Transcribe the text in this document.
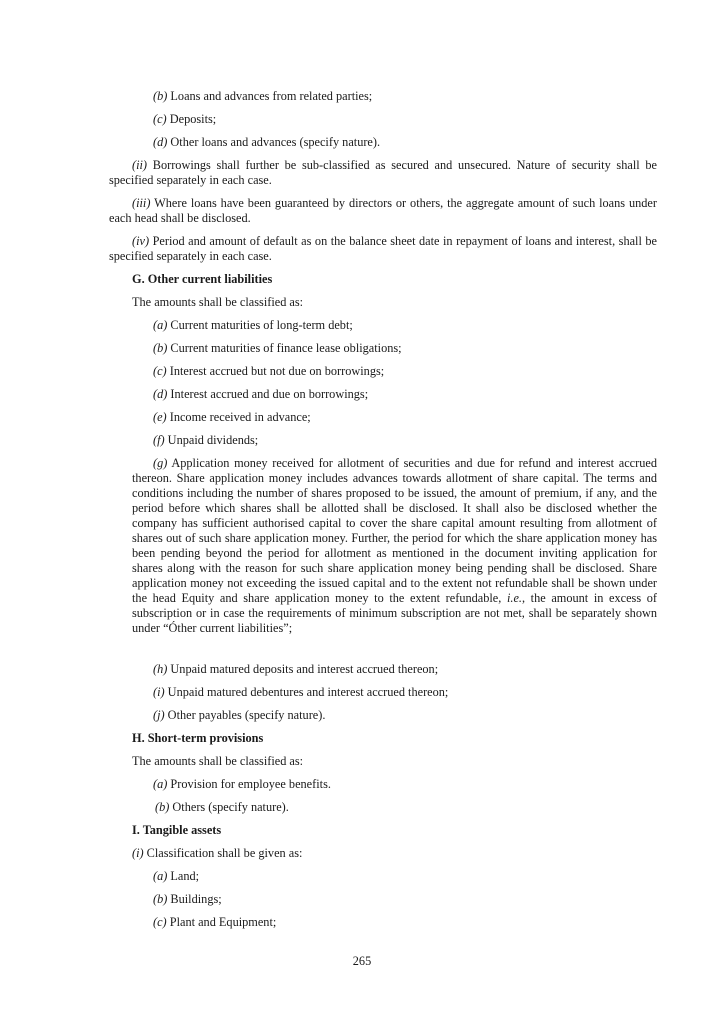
(b) Loans and advances from related parties;

(c) Deposits;

(d) Other loans and advances (specify nature).

(ii) Borrowings shall further be sub-classified as secured and unsecured. Nature of security shall be specified separately in each case.

(iii) Where loans have been guaranteed by directors or others, the aggregate amount of such loans under each head shall be disclosed.

(iv) Period and amount of default as on the balance sheet date in repayment of loans and interest, shall be specified separately in each case.

G. Other current liabilities

The amounts shall be classified as:

(a) Current maturities of long-term debt;

(b) Current maturities of finance lease obligations;

(c) Interest accrued but not due on borrowings;

(d) Interest accrued and due on borrowings;

(e) Income received in advance;

(f) Unpaid dividends;

(g) Application money received for allotment of securities and due for refund and interest accrued thereon. Share application money includes advances towards allotment of share capital. The terms and conditions including the number of shares proposed to be issued, the amount of premium, if any, and the period before which shares shall be allotted shall be disclosed. It shall also be disclosed whether the company has sufficient authorised capital to cover the share capital amount resulting from allotment of shares out of such share application money. Further, the period for which the share application money has been pending beyond the period for allotment as mentioned in the document inviting application for shares along with the reason for such share application money being pending shall be disclosed. Share application money not exceeding the issued capital and to the extent not refundable shall be shown under the head Equity and share application money to the extent refundable, i.e., the amount in excess of subscription or in case the requirements of minimum subscription are not met, shall be separately shown under “Óther current liabilities”;

(h) Unpaid matured deposits and interest accrued thereon;

(i) Unpaid matured debentures and interest accrued thereon;

(j) Other payables (specify nature).

H. Short-term provisions

The amounts shall be classified as:

(a) Provision for employee benefits.

(b) Others (specify nature).

I. Tangible assets

(i) Classification shall be given as:

(a) Land;

(b) Buildings;

(c) Plant and Equipment;

265
